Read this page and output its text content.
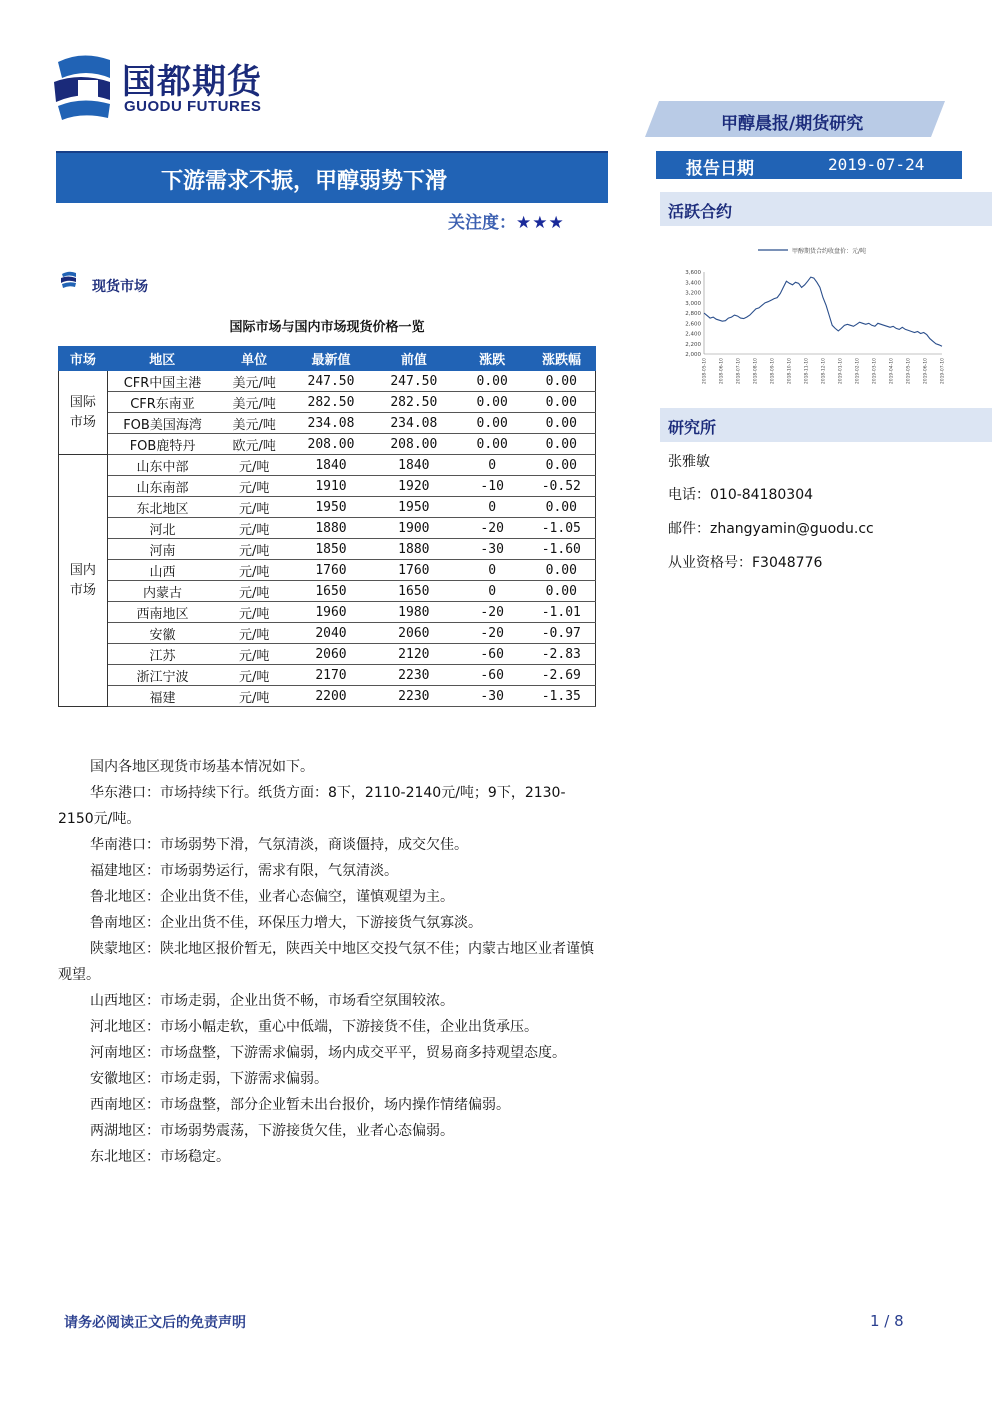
国都期货
GUODU FUTURES
甲醇晨报/期货研究
下游需求不振，甲醇弱势下滑
关注度：★★★
报告日期	2019-07-24
活跃合约
甲醇期货合约收盘价：元/吨
2,000
2,200
2,400
2,600
2,800
3,000
3,200
3,400
3,600
2018-05-10	2018-06-10	2018-07-10	2018-08-10	2018-09-10	2018-10-10	2018-11-10	2018-12-10	2019-01-10	2019-02-10	2019-03-10	2019-04-10	2019-05-10	2019-06-10	2019-07-10
研究所
张雅敏
电话：010-84180304
邮件：zhangyamin@guodu.cc
从业资格号：F3048776
现货市场
国际市场与国内市场现货价格一览
市场	地区	单位	最新值	前值	涨跌	涨跌幅
国际
市场	CFR中国主港	美元/吨	247.50	247.50	0.00	0.00
	CFR东南亚	美元/吨	282.50	282.50	0.00	0.00
	FOB美国海湾	美元/吨	234.08	234.08	0.00	0.00
	FOB鹿特丹	欧元/吨	208.00	208.00	0.00	0.00
国内
市场	山东中部	元/吨	1840	1840	0	0.00
	山东南部	元/吨	1910	1920	-10	-0.52
	东北地区	元/吨	1950	1950	0	0.00
	河北	元/吨	1880	1900	-20	-1.05
	河南	元/吨	1850	1880	-30	-1.60
	山西	元/吨	1760	1760	0	0.00
	内蒙古	元/吨	1650	1650	0	0.00
	西南地区	元/吨	1960	1980	-20	-1.01
	安徽	元/吨	2040	2060	-20	-0.97
	江苏	元/吨	2060	2120	-60	-2.83
	浙江宁波	元/吨	2170	2230	-60	-2.69
	福建	元/吨	2200	2230	-30	-1.35

国内各地区现货市场基本情况如下。

华东港口：市场持续下行。纸货方面：8下，2110-2140元/吨；9下，2130-2150元/吨。

华南港口：市场弱势下滑，气氛清淡，商谈僵持，成交欠佳。

福建地区：市场弱势运行，需求有限，气氛清淡。

鲁北地区：企业出货不佳，业者心态偏空，谨慎观望为主。

鲁南地区：企业出货不佳，环保压力增大，下游接货气氛寡淡。

陕蒙地区：陕北地区报价暂无，陕西关中地区交投气氛不佳；内蒙古地区业者谨慎观望。

山西地区：市场走弱，企业出货不畅，市场看空氛围较浓。

河北地区：市场小幅走软，重心中低端，下游接货不佳，企业出货承压。

河南地区：市场盘整，下游需求偏弱，场内成交平平，贸易商多持观望态度。

安徽地区：市场走弱，下游需求偏弱。

西南地区：市场盘整，部分企业暂未出台报价，场内操作情绪偏弱。

两湖地区：市场弱势震荡，下游接货欠佳，业者心态偏弱。

东北地区：市场稳定。

请务必阅读正文后的免责声明	1 / 8
